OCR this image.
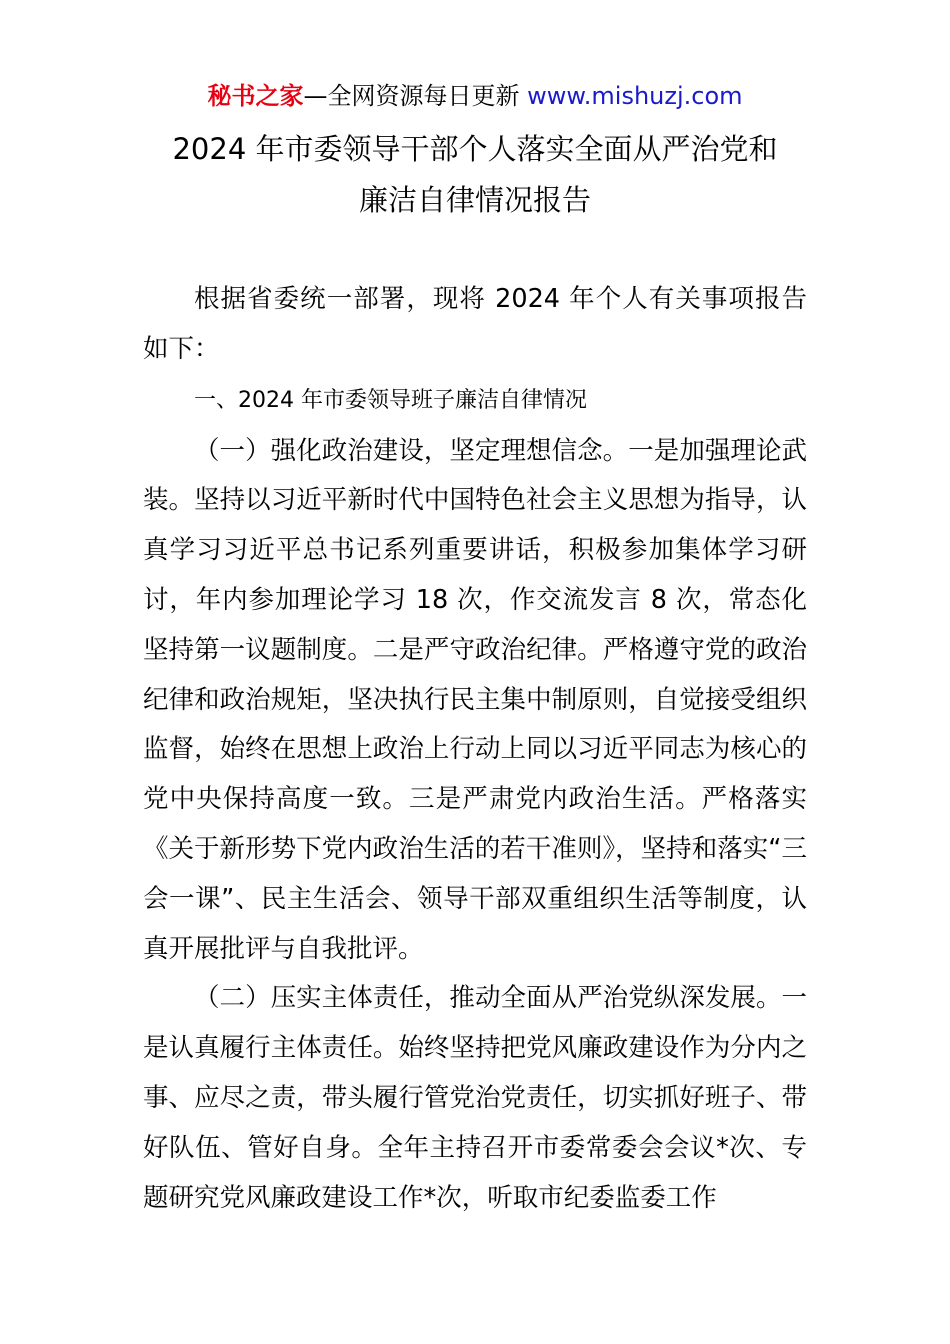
秘书之家—全网资源每日更新 www.mishuzj.com
2024 年市委领导干部个人落实全面从严治党和
廉洁自律情况报告

根据省委统一部署，现将 2024 年个人有关事项报告如下：

一、2024 年市委领导班子廉洁自律情况

（一）强化政治建设，坚定理想信念。一是加强理论武装。坚持以习近平新时代中国特色社会主义思想为指导，认真学习习近平总书记系列重要讲话，积极参加集体学习研讨，年内参加理论学习 18 次，作交流发言 8 次，常态化坚持第一议题制度。二是严守政治纪律。严格遵守党的政治纪律和政治规矩，坚决执行民主集中制原则，自觉接受组织监督，始终在思想上政治上行动上同以习近平同志为核心的党中央保持高度一致。三是严肃党内政治生活。严格落实《关于新形势下党内政治生活的若干准则》，坚持和落实“三会一课”、民主生活会、领导干部双重组织生活等制度，认真开展批评与自我批评。

（二）压实主体责任，推动全面从严治党纵深发展。一是认真履行主体责任。始终坚持把党风廉政建设作为分内之事、应尽之责，带头履行管党治党责任，切实抓好班子、带好队伍、管好自身。全年主持召开市委常委会会议*次、专题研究党风廉政建设工作*次，听取市纪委监委工作
